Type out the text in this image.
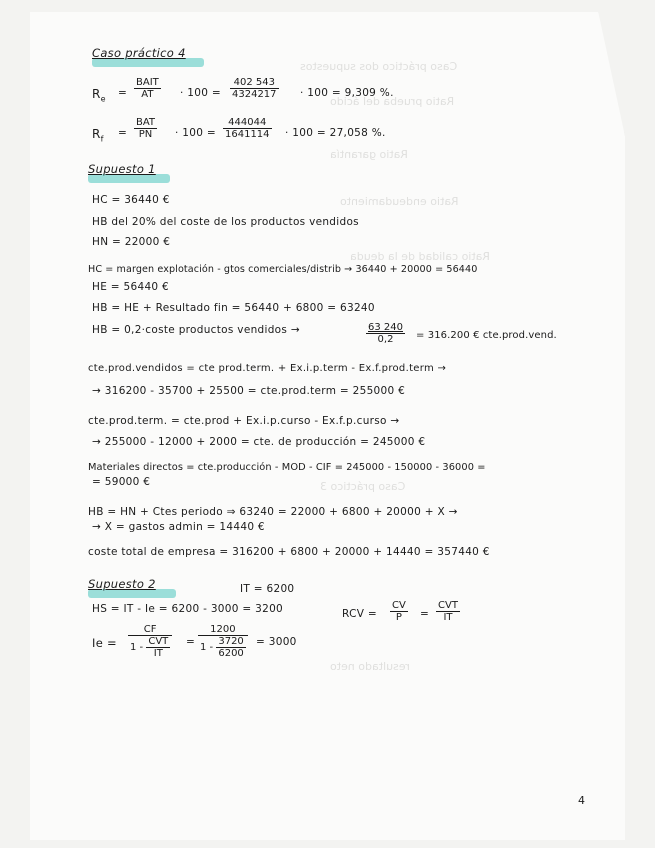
Caso práctico dos supuestos
Ratio prueba del ácido
Ratio garantía
Ratio endeudamiento
Ratio calidad de la deuda
Caso práctico 3
resultado neto
Caso práctico 4
$R_e$ =
BAIT
AT	· $100 = \frac{402 543}{4324217} \cdot 100 = 9,309$ %.
$R_f$ =
BAT
PN	· $100 = \frac{444044}{1641114} \cdot 100 = 27,058$ %.
Supuesto 1
HC = 36440 €
HB del 20% del coste de los productos vendidos
HN = 22000 €
HC = margen explotación - gtos comerciales/distrib → 36440 + 20000 = 56440
HE = 56440 €
HB = HE + Resultado fin = 56440 + 6800 = 63240
HB = 0,2·coste productos vendidos →	$\frac{63 240}{0,2} = 316.200$ € cte.prod.vend.
cte.prod.vendidos = cte prod.term. + Ex.i.p.term - Ex.f.prod.term →
→ 316200 - 35700 + 25500 = cte.prod.term = 255000 €
cte.prod.term. = cte.prod + Ex.i.p.curso - Ex.f.p.curso →
→ 255000 - 12000 + 2000 = cte. de producción = 245000 €
Materiales directos = cte.producción - MOD - CIF = 245000 - 150000 - 36000 =
= 59000 €
HB = HN + Ctes periodo ⇒ 63240 = 22000 + 6800 + 20000 + X →
→ X = gastos admin = 14440 €
coste total de empresa = 316200 + 6800 + 20000 + 14440 = 357440 €
Supuesto 2	IT = 6200
HS = IT - Ie = 6200 - 3000 = 3200	RCV = $\frac{CV}{P}$ =
CVT
IT
Ie =
CF
$1 - \frac{\text{CVT}}{IT} = \frac{1200}{1 - \frac{3720}{6200}} = 3000$
4
